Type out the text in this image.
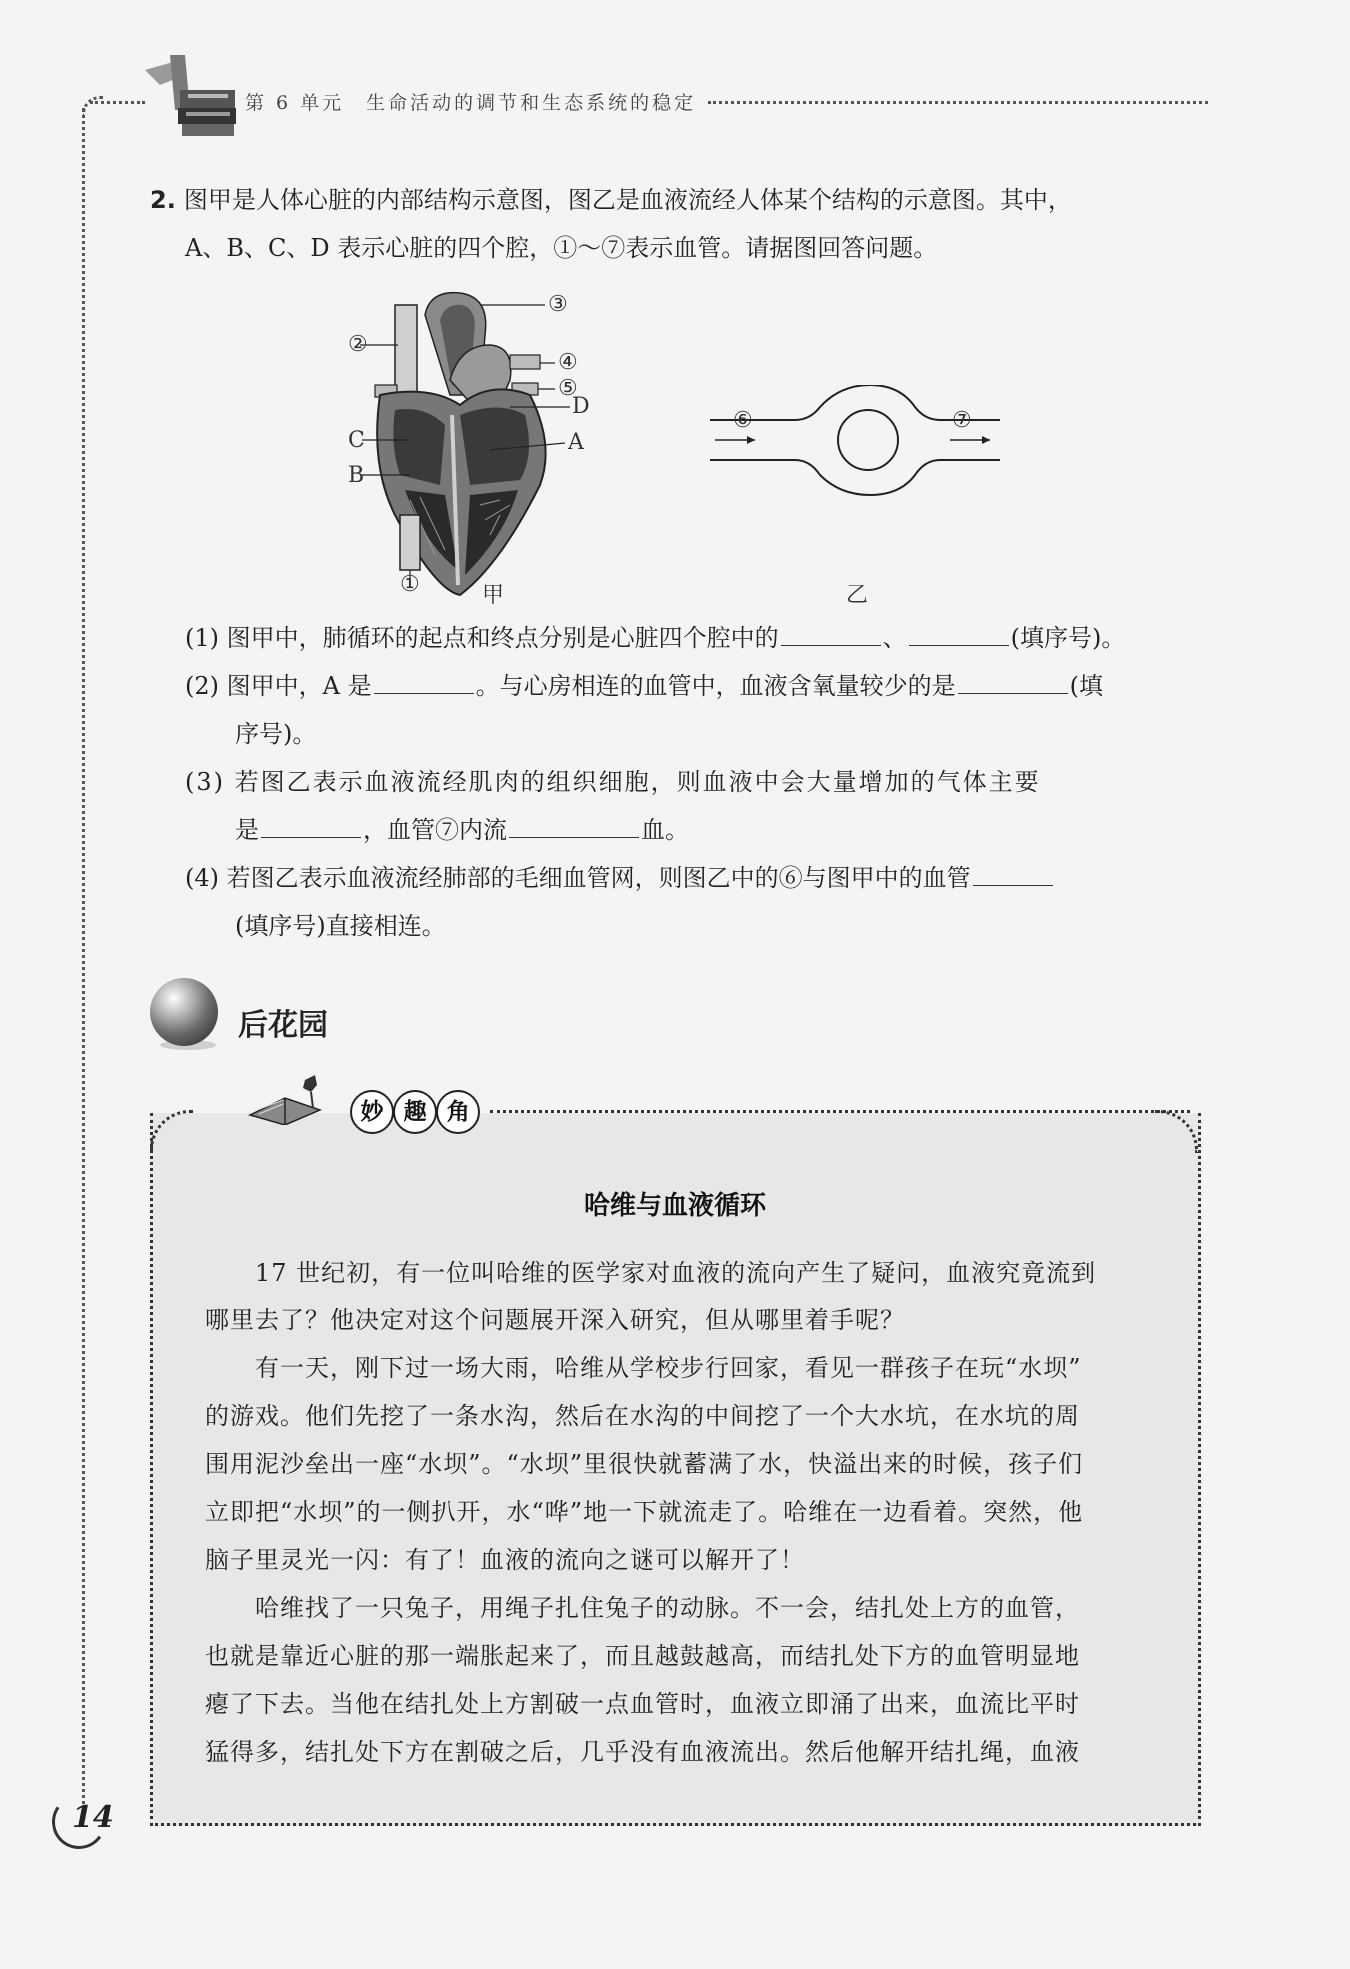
第 6 单元　生命活动的调节和生态系统的稳定
2. 图甲是人体心脏的内部结构示意图，图乙是血液流经人体某个结构的示意图。其中，
A、B、C、D 表示心脏的四个腔，①～⑦表示血管。请据图回答问题。
③
②
④
⑤
D
A
C
B
①	甲
⑥	⑦
乙
(1) 图甲中，肺循环的起点和终点分别是心脏四个腔中的	、	(填序号)。
(2) 图甲中，A 是	。与心房相连的血管中，血液含氧量较少的是	(填
序号)。
(3) 若图乙表示血液流经肌肉的组织细胞，则血液中会大量增加的气体主要
是	，血管⑦内流	血。
(4) 若图乙表示血液流经肺部的毛细血管网，则图乙中的⑥与图甲中的血管
(填序号)直接相连。
后花园
妙 趣 角
哈维与血液循环
17 世纪初，有一位叫哈维的医学家对血液的流向产生了疑问，血液究竟流到
哪里去了？他决定对这个问题展开深入研究，但从哪里着手呢？
有一天，刚下过一场大雨，哈维从学校步行回家，看见一群孩子在玩“水坝”
的游戏。他们先挖了一条水沟，然后在水沟的中间挖了一个大水坑，在水坑的周
围用泥沙垒出一座“水坝”。“水坝”里很快就蓄满了水，快溢出来的时候，孩子们
立即把“水坝”的一侧扒开，水“哗”地一下就流走了。哈维在一边看着。突然，他
脑子里灵光一闪：有了！血液的流向之谜可以解开了！
哈维找了一只兔子，用绳子扎住兔子的动脉。不一会，结扎处上方的血管，
也就是靠近心脏的那一端胀起来了，而且越鼓越高，而结扎处下方的血管明显地
瘪了下去。当他在结扎处上方割破一点血管时，血液立即涌了出来，血流比平时
猛得多，结扎处下方在割破之后，几乎没有血液流出。然后他解开结扎绳，血液
14
